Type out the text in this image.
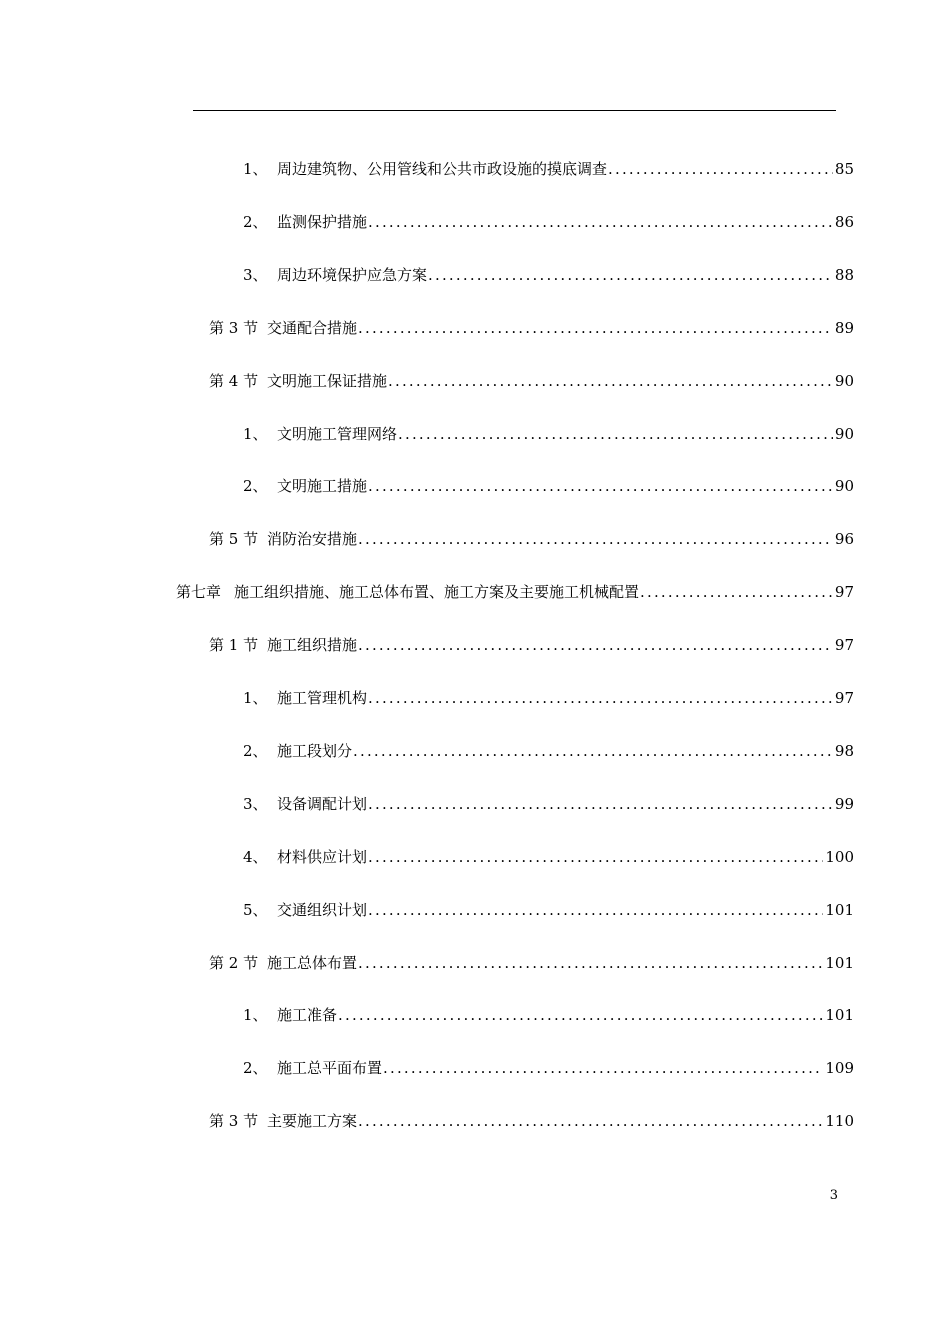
1、 周边建筑物、公用管线和公共市政设施的摸底调查 .....	85
2、 监测保护措施 .....	86
3、 周边环境保护应急方案 .....	88
第 3 节 交通配合措施 .....	89
第 4 节 文明施工保证措施 .....	90
1、 文明施工管理网络 .....	90
2、 文明施工措施 .....	90
第 5 节 消防治安措施 .....	96
第七章 施工组织措施、施工总体布置、施工方案及主要施工机械配置 .....	97
第 1 节 施工组织措施 .....	97
1、 施工管理机构 .....	97
2、 施工段划分 .....	98
3、 设备调配计划 .....	99
4、 材料供应计划 .....	100
5、 交通组织计划 .....	101
第 2 节 施工总体布置 .....	101
1、 施工准备 .....	101
2、 施工总平面布置 .....	109
第 3 节 主要施工方案 .....	110
3
